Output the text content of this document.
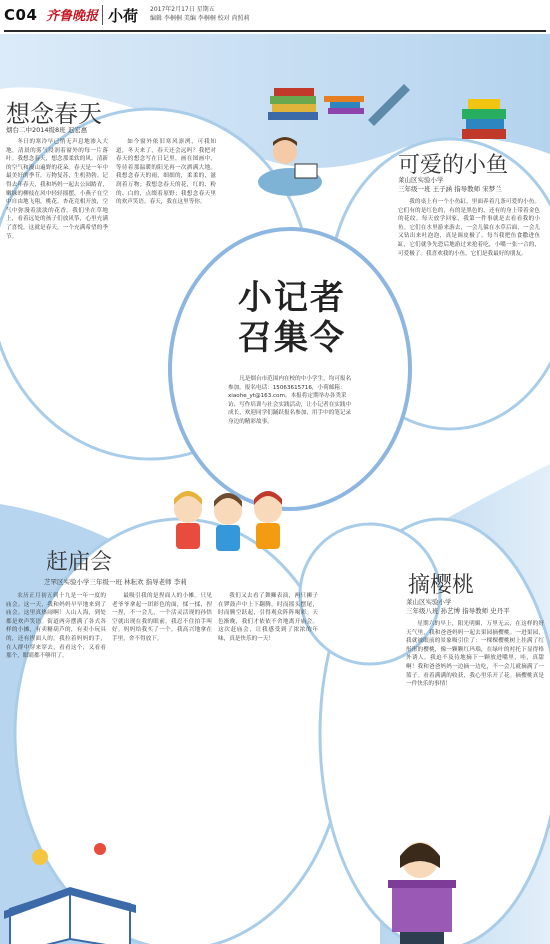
C04 齐鲁晚报 小荷 2017年2月17日 星期五
编辑 李桐桐 美编 李桐桐 校对 尚照莉
想念春天
烟台二中2014级8班 迟宏惠

冬日的寒冷早已悄无声息地渗入大地，清晨的雾气浸润着窗外的每一片落叶。我想念春天，想念那柔软的风、清新的空气和漫山遍野的花朵。春天是一年中最美好的季节，万物复苏，生机勃勃。记得去年春天，我和妈妈一起去公园踏青，嫩绿的柳枝在风中轻轻摇摆，小燕子在空中自由地飞翔，桃花、杏花竞相开放，空气中弥漫着淡淡的花香。我们坐在草地上，看着远处的孩子们放风筝，心里充满了喜悦。这就是春天，一个充满希望的季节。

如今窗外依旧寒风凛冽，可我知道，冬天来了，春天还会远吗？我把对春天的想念写在日记里，画在图画中，等待着那温暖的阳光再一次洒满大地。我想念春天的雨，细细的，柔柔的，滋润着万物；我想念春天的花，红的、粉的、白的，点缀着原野；我想念春天里的欢声笑语。春天，我在这里等你。

可爱的小鱼
莱山区实验小学
三年级一班 王子涵 指导教师 宋梦兰

我的桌上有一个小鱼缸，里面养着几条可爱的小鱼。它们有的是红色的，有的是黑色的，还有的身上带着金色的花纹。每天放学回家，我第一件事就是去看看我的小鱼。它们在水里游来游去，一会儿躲在水草后面，一会儿又钻出来吐泡泡，真是调皮极了。每当我把鱼食撒进鱼缸，它们就争先恐后地游过来抢着吃，小嘴一张一合的，可爱极了。我喜欢我的小鱼，它们是我最好的朋友。

小记者
召集令

凡是烟台市范围内在校的中小学生，均可报名参加。报名电话：15063615716，小荷邮箱：xiaohe_yt@163.com。本报将定期举办各类采访、写作培训与社会实践活动，让小记者在实践中成长，欢迎同学们踊跃报名参加，用手中的笔记录身边的精彩故事。

赶庙会
芝罘区实验小学三年级一班 林耘欢 指导老师 李莉

农历正月初五到十九是一年一度的庙会。这一天，我和妈妈早早地来到了庙会。这里真热闹啊！人山人海，到处都是欢声笑语。街道两旁摆满了各式各样的小摊，有卖糖葫芦的，有卖小玩具的，还有捏面人的。我拉着妈妈的手，在人群中穿来穿去，看看这个，又看看那个，眼睛都不够用了。

最吸引我的是捏面人的小摊。只见老爷爷拿起一团彩色的面，揉一揉，捏一捏，不一会儿，一个活灵活现的孙悟空就出现在我的眼前。我忍不住拍手叫好。妈妈给我买了一个，我高兴地拿在手里，舍不得放下。

我们又去看了舞狮表演，两只狮子在锣鼓声中上下翻腾，时而摇头摆尾，时而腾空跃起，引得观众阵阵喝彩。天色渐晚，我们才依依不舍地离开庙会。这次赶庙会，让我感受到了浓浓的年味，真是快乐的一天！

摘樱桃
莱山区实验小学
三年级八班 孙艺博 指导教师 史丹平

星期六的早上，阳光明媚，万里无云，在这样的好天气里，我和爸爸妈妈一起去果园摘樱桃。一进果园，我就被眼前的景象吸引住了：一棵棵樱桃树上挂满了红彤彤的樱桃，像一颗颗红玛瑙，在绿叶的衬托下显得格外诱人。我迫不及待地摘下一颗放进嘴里，哇，真甜啊！我和爸爸妈妈一边摘一边吃，不一会儿就摘满了一篮子。看着满满的收获，我心里乐开了花。摘樱桃真是一件快乐的事情！
